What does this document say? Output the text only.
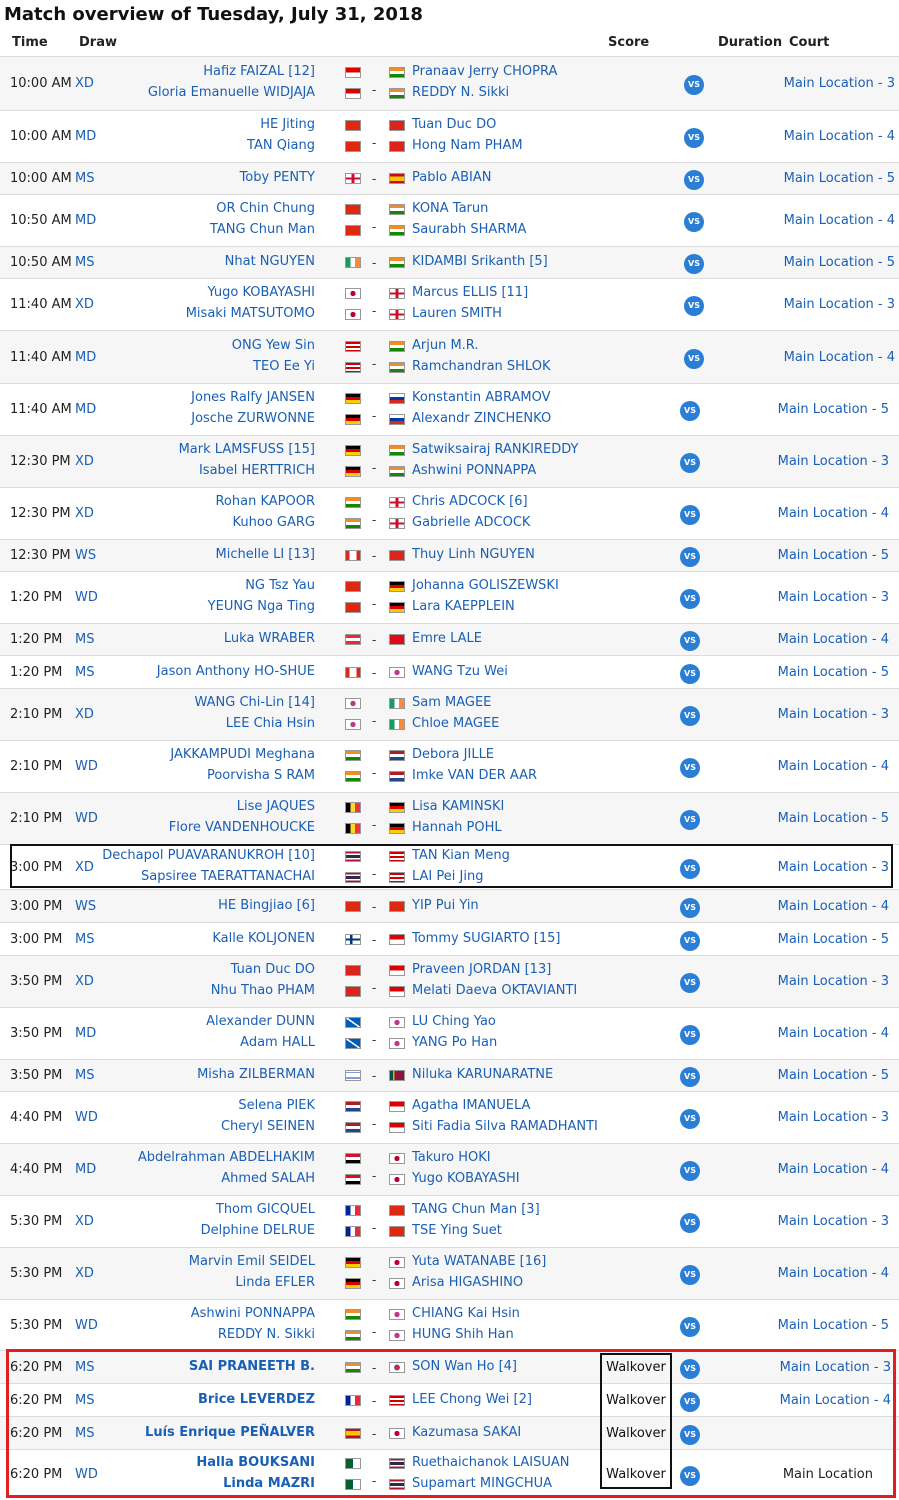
Match overview of Tuesday, July 31, 2018
Time Draw	Score	Duration Court
10:00 AM XD
Hafiz FAIZAL [12]
Gloria Emanuelle WIDJAJA	-
Pranaav Jerry CHOPRA
REDDY N. Sikki
VS	Main Location - 3
10:00 AM MD
HE Jiting
TAN Qiang	-
Tuan Duc DO
Hong Nam PHAM
VS	Main Location - 4
10:00 AM MS	Toby PENTY	-	Pablo ABIAN	VS	Main Location - 5
10:50 AM MD
OR Chin Chung
TANG Chun Man	-
KONA Tarun
Saurabh SHARMA
VS	Main Location - 4
10:50 AM MS	Nhat NGUYEN	-	KIDAMBI Srikanth [5]	VS	Main Location - 5
11:40 AM XD
Yugo KOBAYASHI
Misaki MATSUTOMO	-
Marcus ELLIS [11]
Lauren SMITH
VS	Main Location - 3
11:40 AM MD
ONG Yew Sin
TEO Ee Yi	-
Arjun M.R.
Ramchandran SHLOK
VS	Main Location - 4
11:40 AM MD
Jones Ralfy JANSEN
Josche ZURWONNE	-
Konstantin ABRAMOV
Alexandr ZINCHENKO
VS	Main Location - 5
12:30 PM XD
Mark LAMSFUSS [15]
Isabel HERTTRICH	-
Satwiksairaj RANKIREDDY
Ashwini PONNAPPA
VS	Main Location - 3
12:30 PM XD
Rohan KAPOOR
Kuhoo GARG	-
Chris ADCOCK [6]
Gabrielle ADCOCK
VS	Main Location - 4
12:30 PM WS	Michelle LI [13]	-	Thuy Linh NGUYEN	VS	Main Location - 5
1:20 PM WD
NG Tsz Yau
YEUNG Nga Ting	-
Johanna GOLISZEWSKI
Lara KAEPPLEIN
VS	Main Location - 3
1:20 PM MS	Luka WRABER	-	Emre LALE	VS	Main Location - 4
1:20 PM MS	Jason Anthony HO-SHUE	-	WANG Tzu Wei	VS	Main Location - 5
2:10 PM XD
WANG Chi-Lin [14]
LEE Chia Hsin	-
Sam MAGEE
Chloe MAGEE
VS	Main Location - 3
2:10 PM WD
JAKKAMPUDI Meghana
Poorvisha S RAM	-
Debora JILLE
Imke VAN DER AAR
VS	Main Location - 4
2:10 PM WD
Lise JAQUES
Flore VANDENHOUCKE	-
Lisa KAMINSKI
Hannah POHL
VS	Main Location - 5
3:00 PM XD
Dechapol PUAVARANUKROH [10]
Sapsiree TAERATTANACHAI	-
TAN Kian Meng
LAI Pei Jing
VS	Main Location - 3
3:00 PM WS	HE Bingjiao [6]	-	YIP Pui Yin	VS	Main Location - 4
3:00 PM MS	Kalle KOLJONEN	-	Tommy SUGIARTO [15]	VS	Main Location - 5
3:50 PM XD
Tuan Duc DO
Nhu Thao PHAM	-
Praveen JORDAN [13]
Melati Daeva OKTAVIANTI
VS	Main Location - 3
3:50 PM MD
Alexander DUNN
Adam HALL	-
LU Ching Yao
YANG Po Han
VS	Main Location - 4
3:50 PM MS	Misha ZILBERMAN	-	Niluka KARUNARATNE	VS	Main Location - 5
4:40 PM WD
Selena PIEK
Cheryl SEINEN	-
Agatha IMANUELA
Siti Fadia Silva RAMADHANTI
VS	Main Location - 3
4:40 PM MD
Abdelrahman ABDELHAKIM
Ahmed SALAH	-
Takuro HOKI
Yugo KOBAYASHI
VS	Main Location - 4
5:30 PM XD
Thom GICQUEL
Delphine DELRUE	-
TANG Chun Man [3]
TSE Ying Suet
VS	Main Location - 3
5:30 PM XD
Marvin Emil SEIDEL
Linda EFLER	-
Yuta WATANABE [16]
Arisa HIGASHINO
VS	Main Location - 4
5:30 PM WD
Ashwini PONNAPPA
REDDY N. Sikki	-
CHIANG Kai Hsin
HUNG Shih Han
VS	Main Location - 5
6:20 PM MS	SAI PRANEETH B.	-	SON Wan Ho [4]	Walkover	VS	Main Location - 3
6:20 PM MS	Brice LEVERDEZ	-	LEE Chong Wei [2]	Walkover	VS	Main Location - 4
6:20 PM MS	Luís Enrique PEÑALVER	-	Kazumasa SAKAI	Walkover	VS
6:20 PM WD
Halla BOUKSANI
Linda MAZRI	-
Ruethaichanok LAISUAN
Supamart MINGCHUA
Walkover	VS	Main Location
